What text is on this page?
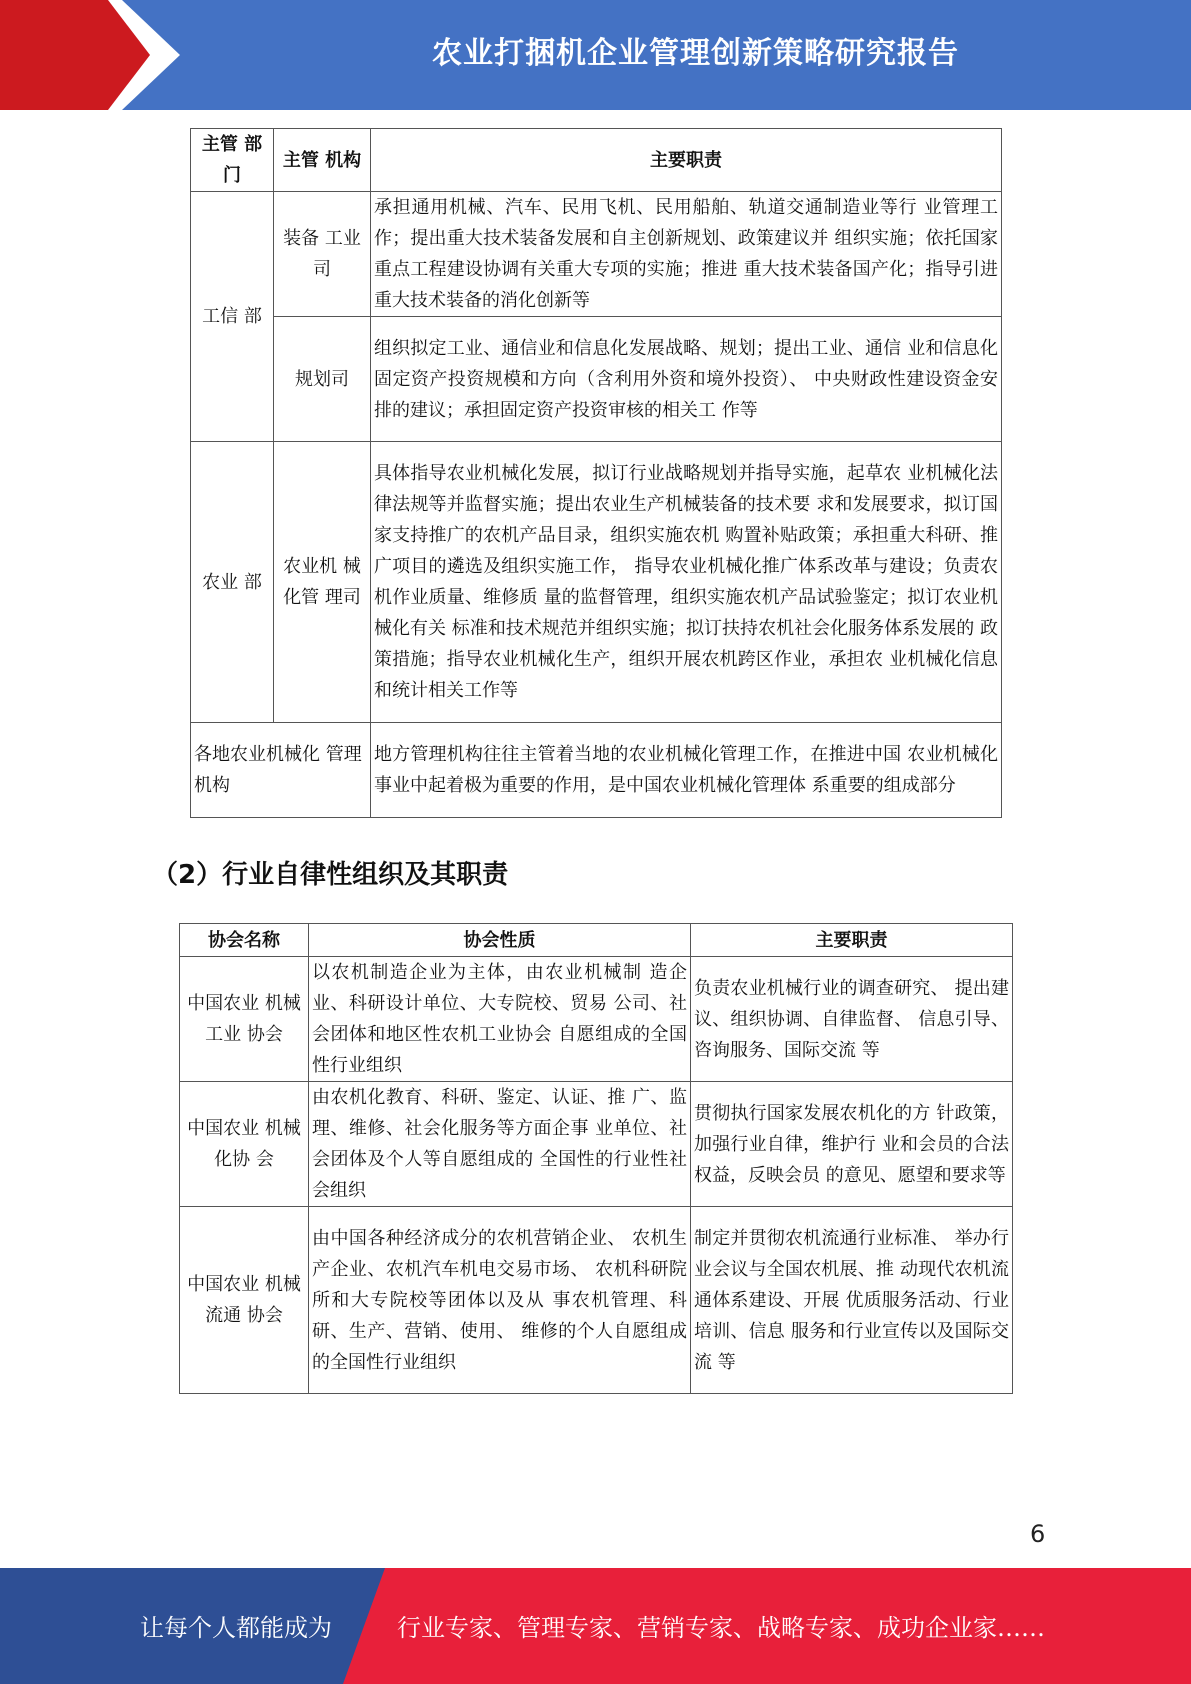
农业打捆机企业管理创新策略研究报告
主管 部门	主管 机构	主要职责
工信 部	装备 工业司	承担通用机械、汽车、民用飞机、民用船舶、轨道交通制造业等行 业管理工作；提出重大技术装备发展和自主创新规划、政策建议并 组织实施；依托国家重点工程建设协调有关重大专项的实施；推进 重大技术装备国产化；指导引进重大技术装备的消化创新等
	规划司	组织拟定工业、通信业和信息化发展战略、规划；提出工业、通信 业和信息化固定资产投资规模和方向（含利用外资和境外投资）、 中央财政性建设资金安排的建议；承担固定资产投资审核的相关工 作等
农业 部	农业机 械化管 理司	具体指导农业机械化发展，拟订行业战略规划并指导实施，起草农 业机械化法律法规等并监督实施；提出农业生产机械装备的技术要 求和发展要求，拟订国家支持推广的农机产品目录，组织实施农机 购置补贴政策；承担重大科研、推广项目的遴选及组织实施工作， 指导农业机械化推广体系改革与建设；负责农机作业质量、维修质 量的监督管理，组织实施农机产品试验鉴定；拟订农业机械化有关 标准和技术规范并组织实施；拟订扶持农机社会化服务体系发展的 政策措施；指导农业机械化生产，组织开展农机跨区作业，承担农 业机械化信息和统计相关工作等
各地农业机械化 管理机构		地方管理机构往往主管着当地的农业机械化管理工作，在推进中国 农业机械化事业中起着极为重要的作用，是中国农业机械化管理体 系重要的组成部分
（2）行业自律性组织及其职责
协会名称	协会性质	主要职责
中国农业 机械工业 协会	以农机制造企业为主体，由农业机械制 造企业、科研设计单位、大专院校、贸易 公司、社会团体和地区性农机工业协会 自愿组成的全国性行业组织	负责农业机械行业的调查研究、 提出建议、组织协调、自律监督、 信息引导、咨询服务、国际交流 等
中国农业 机械化协 会	由农机化教育、科研、鉴定、认证、推 广、监理、维修、社会化服务等方面企事 业单位、社会团体及个人等自愿组成的 全国性的行业性社会组织	贯彻执行国家发展农机化的方 针政策，加强行业自律，维护行 业和会员的合法权益，反映会员 的意见、愿望和要求等
中国农业 机械流通 协会	由中国各种经济成分的农机营销企业、 农机生产企业、农机汽车机电交易市场、 农机科研院所和大专院校等团体以及从 事农机管理、科研、生产、营销、使用、 维修的个人自愿组成的全国性行业组织	制定并贯彻农机流通行业标准、 举办行业会议与全国农机展、推 动现代农机流通体系建设、开展 优质服务活动、行业培训、信息 服务和行业宣传以及国际交流 等
6
让每个人都能成为	行业专家、管理专家、营销专家、战略专家、成功企业家……
